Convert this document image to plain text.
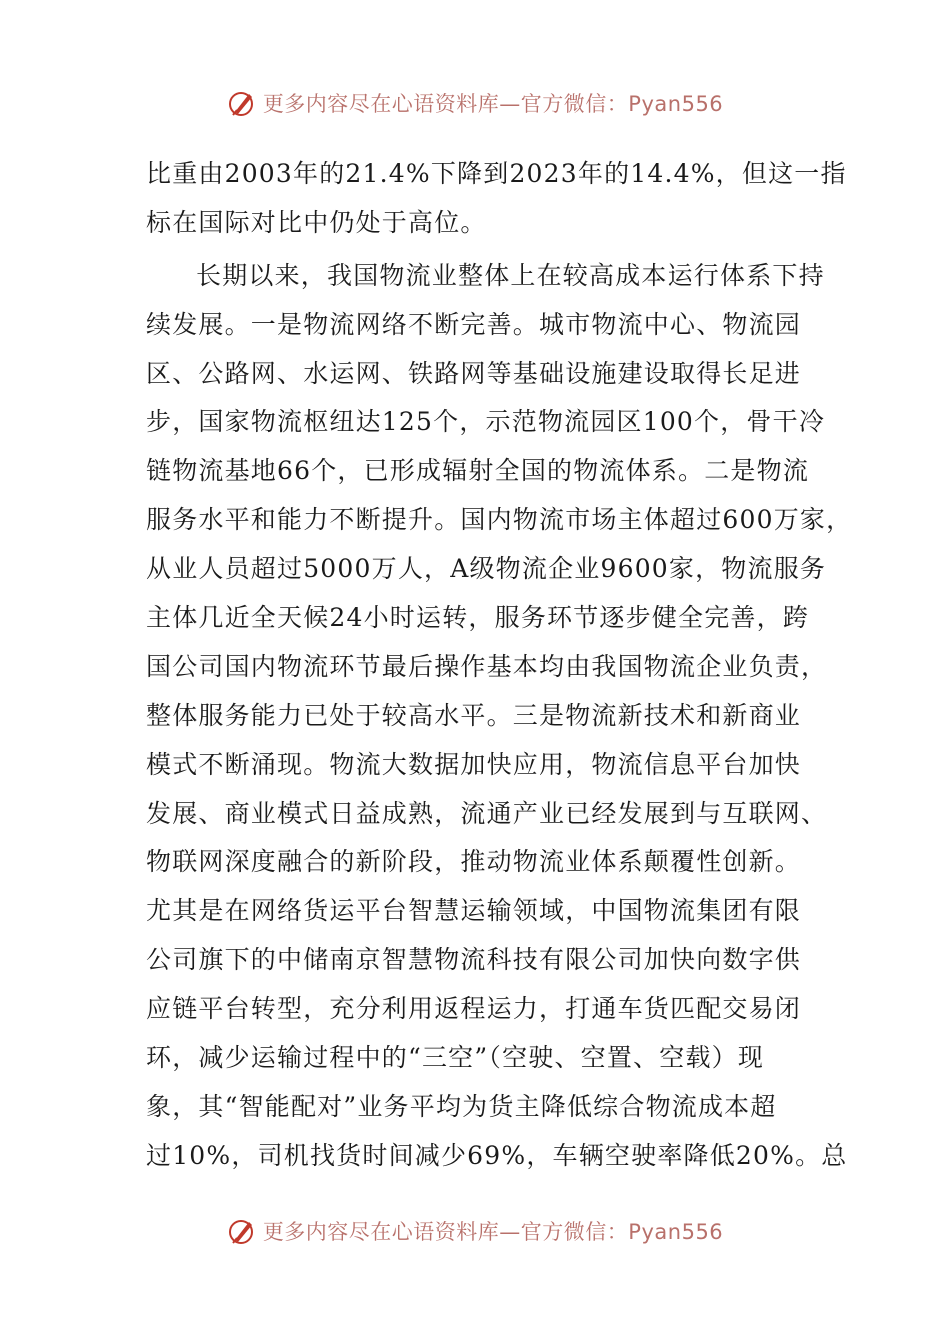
更多内容尽在心语资料库—官方微信：Pyan556
比重由2003年的21.4%下降到2023年的14.4%，但这一指
标在国际对比中仍处于高位。
长期以来，我国物流业整体上在较高成本运行体系下持
续发展。一是物流网络不断完善。城市物流中心、物流园
区、公路网、水运网、铁路网等基础设施建设取得长足进
步，国家物流枢纽达125个，示范物流园区100个，骨干冷
链物流基地66个，已形成辐射全国的物流体系。二是物流
服务水平和能力不断提升。国内物流市场主体超过600万家，
从业人员超过5000万人，A级物流企业9600家，物流服务
主体几近全天候24小时运转，服务环节逐步健全完善，跨
国公司国内物流环节最后操作基本均由我国物流企业负责，
整体服务能力已处于较高水平。三是物流新技术和新商业
模式不断涌现。物流大数据加快应用，物流信息平台加快
发展、商业模式日益成熟，流通产业已经发展到与互联网、
物联网深度融合的新阶段，推动物流业体系颠覆性创新。
尤其是在网络货运平台智慧运输领域，中国物流集团有限
公司旗下的中储南京智慧物流科技有限公司加快向数字供
应链平台转型，充分利用返程运力，打通车货匹配交易闭
环，减少运输过程中的“三空”（空驶、空置、空载）现
象，其“智能配对”业务平均为货主降低综合物流成本超
过10%，司机找货时间减少69%，车辆空驶率降低20%。总
更多内容尽在心语资料库—官方微信：Pyan556
